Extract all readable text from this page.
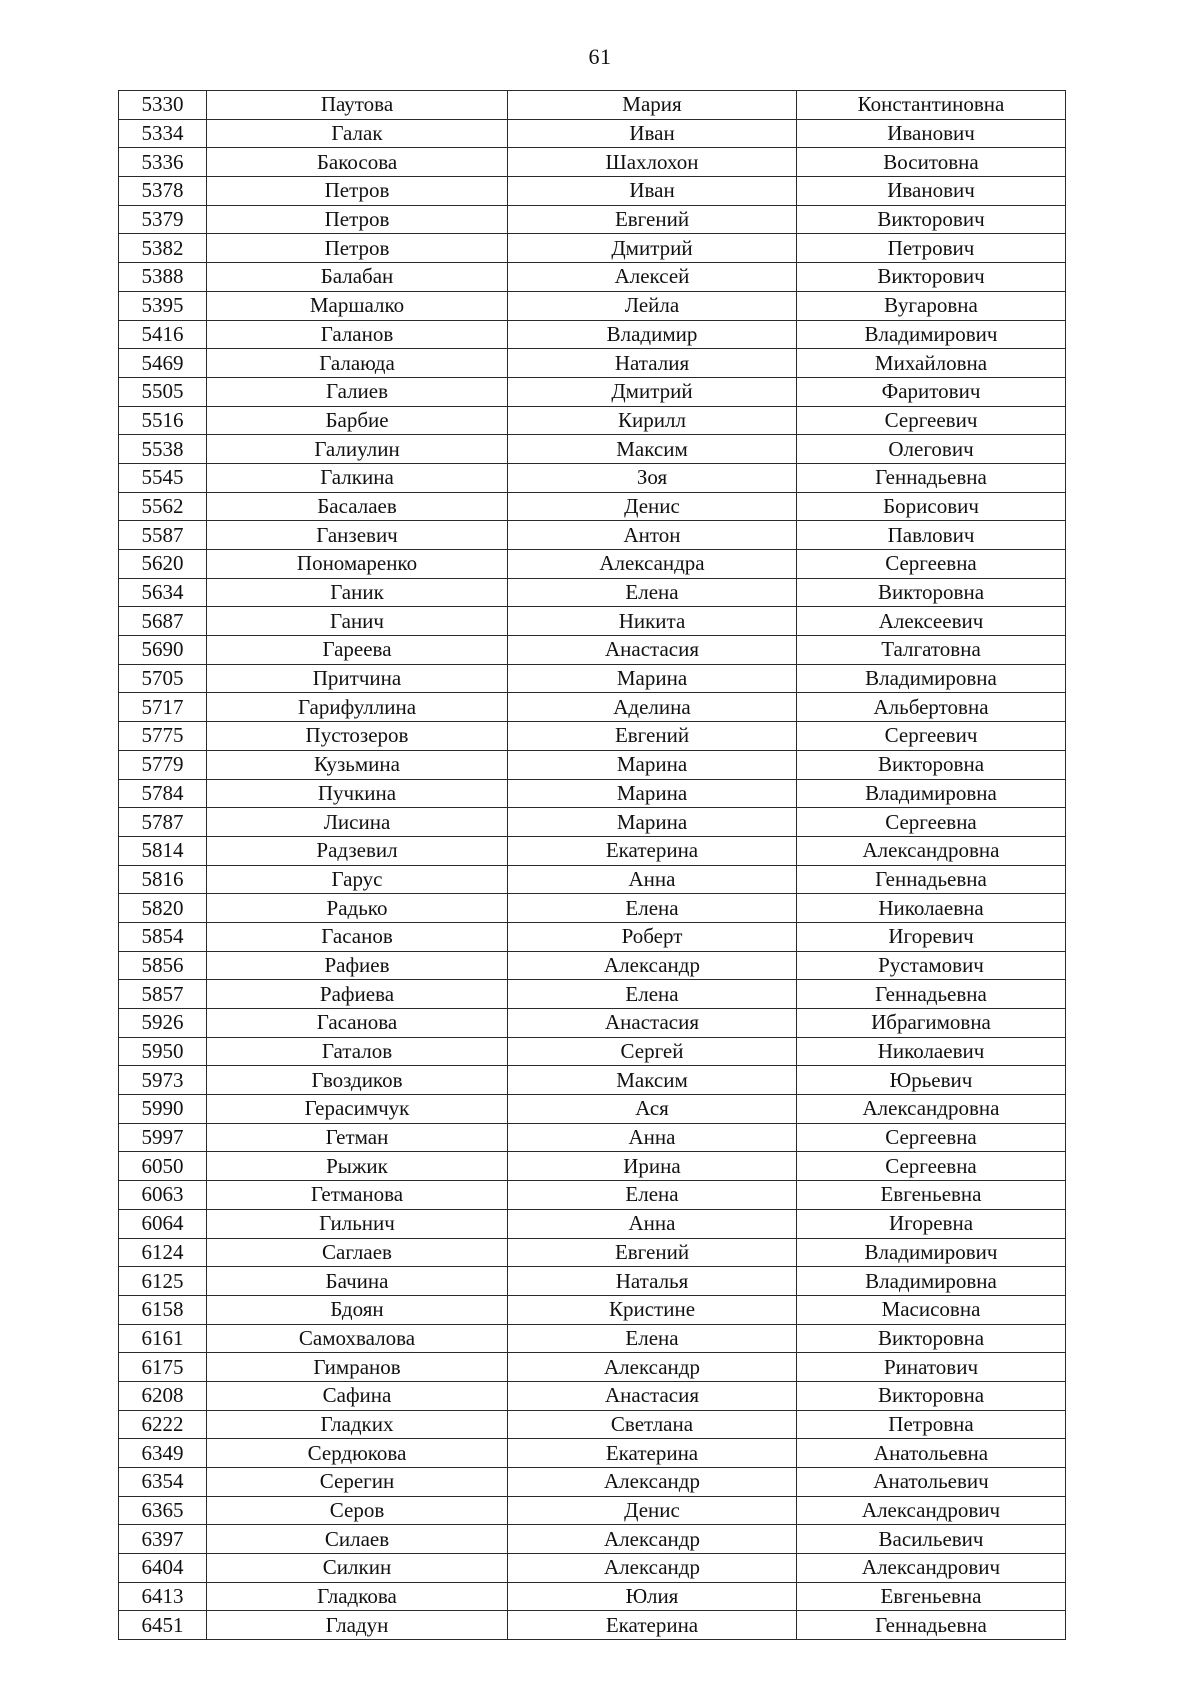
61
5330	Паутова	Мария	Константиновна
5334	Галак	Иван	Иванович
5336	Бакосова	Шахлохон	Воситовна
5378	Петров	Иван	Иванович
5379	Петров	Евгений	Викторович
5382	Петров	Дмитрий	Петрович
5388	Балабан	Алексей	Викторович
5395	Маршалко	Лейла	Вугаровна
5416	Галанов	Владимир	Владимирович
5469	Галаюда	Наталия	Михайловна
5505	Галиев	Дмитрий	Фаритович
5516	Барбие	Кирилл	Сергеевич
5538	Галиулин	Максим	Олегович
5545	Галкина	Зоя	Геннадьевна
5562	Басалаев	Денис	Борисович
5587	Ганзевич	Антон	Павлович
5620	Пономаренко	Александра	Сергеевна
5634	Ганик	Елена	Викторовна
5687	Ганич	Никита	Алексеевич
5690	Гареева	Анастасия	Талгатовна
5705	Притчина	Марина	Владимировна
5717	Гарифуллина	Аделина	Альбертовна
5775	Пустозеров	Евгений	Сергеевич
5779	Кузьмина	Марина	Викторовна
5784	Пучкина	Марина	Владимировна
5787	Лисина	Марина	Сергеевна
5814	Радзевил	Екатерина	Александровна
5816	Гарус	Анна	Геннадьевна
5820	Радько	Елена	Николаевна
5854	Гасанов	Роберт	Игоревич
5856	Рафиев	Александр	Рустамович
5857	Рафиева	Елена	Геннадьевна
5926	Гасанова	Анастасия	Ибрагимовна
5950	Гаталов	Сергей	Николаевич
5973	Гвоздиков	Максим	Юрьевич
5990	Герасимчук	Ася	Александровна
5997	Гетман	Анна	Сергеевна
6050	Рыжик	Ирина	Сергеевна
6063	Гетманова	Елена	Евгеньевна
6064	Гильнич	Анна	Игоревна
6124	Саглаев	Евгений	Владимирович
6125	Бачина	Наталья	Владимировна
6158	Бдоян	Кристине	Масисовна
6161	Самохвалова	Елена	Викторовна
6175	Гимранов	Александр	Ринатович
6208	Сафина	Анастасия	Викторовна
6222	Гладких	Светлана	Петровна
6349	Сердюкова	Екатерина	Анатольевна
6354	Серегин	Александр	Анатольевич
6365	Серов	Денис	Александрович
6397	Силаев	Александр	Васильевич
6404	Силкин	Александр	Александрович
6413	Гладкова	Юлия	Евгеньевна
6451	Гладун	Екатерина	Геннадьевна
